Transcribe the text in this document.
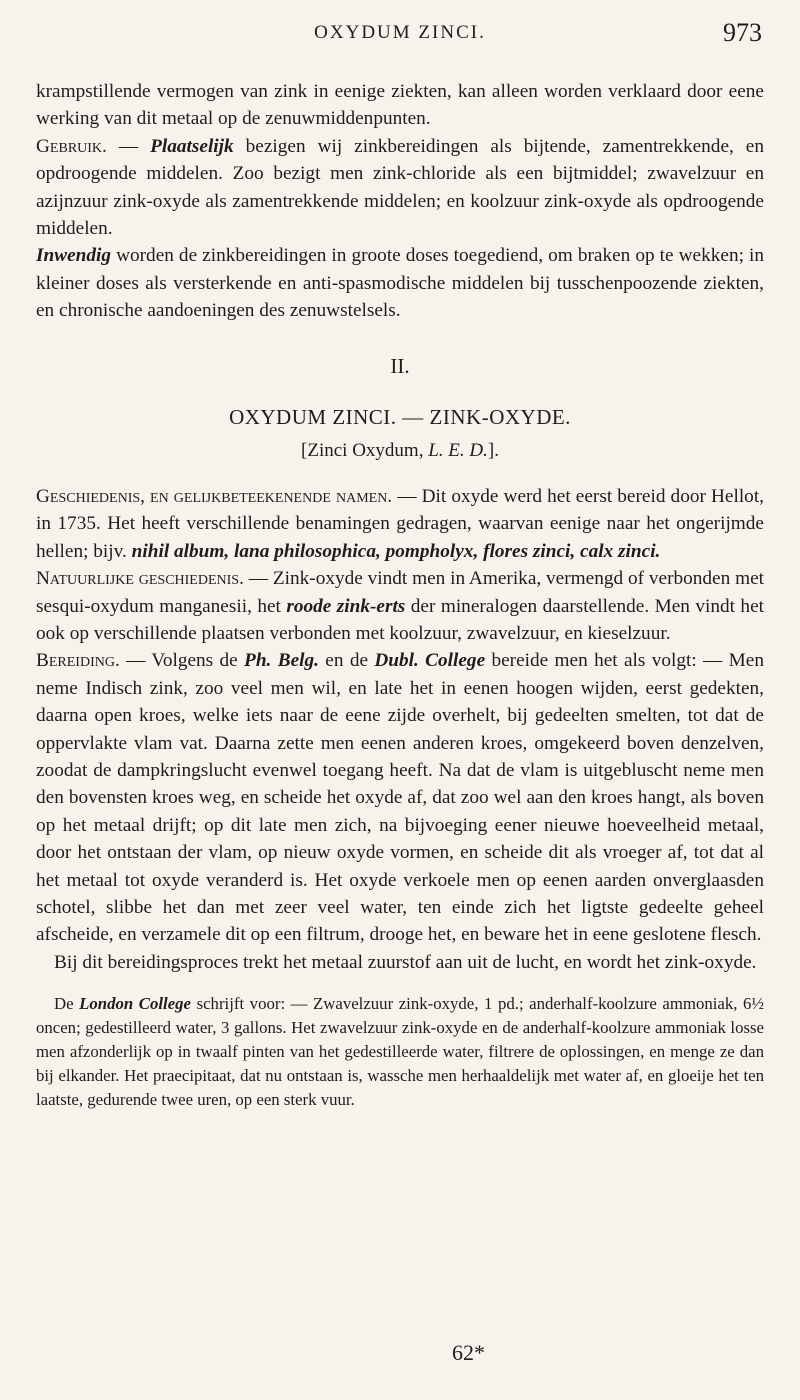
OXYDUM ZINCI.	973

krampstillende vermogen van zink in eenige ziekten, kan alleen worden verklaard door eene werking van dit metaal op de zenuwmiddenpunten.

Gebruik. — Plaatselijk bezigen wij zinkbereidingen als bijtende, zamentrekkende, en opdroogende middelen. Zoo bezigt men zink-chloride als een bijtmiddel; zwavelzuur en azijnzuur zink-oxyde als zamentrekkende middelen; en koolzuur zink-oxyde als opdroogende middelen.

Inwendig worden de zinkbereidingen in groote doses toegediend, om braken op te wekken; in kleiner doses als versterkende en anti-spasmodische middelen bij tusschenpoozende ziekten, en chronische aandoeningen des zenuwstelsels.

II.
OXYDUM ZINCI. — ZINK-OXYDE.
[Zinci Oxydum, L. E. D.].

Geschiedenis, en gelijkbeteekenende namen. — Dit oxyde werd het eerst bereid door Hellot, in 1735. Het heeft verschillende benamingen gedragen, waarvan eenige naar het ongerijmde hellen; bijv. nihil album, lana philosophica, pompholyx, flores zinci, calx zinci.

Natuurlijke geschiedenis. — Zink-oxyde vindt men in Amerika, vermengd of verbonden met sesqui-oxydum manganesii, het roode zink-erts der mineralogen daarstellende. Men vindt het ook op verschillende plaatsen verbonden met koolzuur, zwavelzuur, en kieselzuur.

Bereiding. — Volgens de Ph. Belg. en de Dubl. College bereide men het als volgt: — Men neme Indisch zink, zoo veel men wil, en late het in eenen hoogen wijden, eerst gedekten, daarna open kroes, welke iets naar de eene zijde overhelt, bij gedeelten smelten, tot dat de oppervlakte vlam vat. Daarna zette men eenen anderen kroes, omgekeerd boven denzelven, zoodat de dampkringslucht evenwel toegang heeft. Na dat de vlam is uitgebluscht neme men den bovensten kroes weg, en scheide het oxyde af, dat zoo wel aan den kroes hangt, als boven op het metaal drijft; op dit late men zich, na bijvoeging eener nieuwe hoeveelheid metaal, door het ontstaan der vlam, op nieuw oxyde vormen, en scheide dit als vroeger af, tot dat al het metaal tot oxyde veranderd is. Het oxyde verkoele men op eenen aarden onverglaasden schotel, slibbe het dan met zeer veel water, ten einde zich het ligtste gedeelte geheel afscheide, en verzamele dit op een filtrum, drooge het, en beware het in eene geslotene flesch.

Bij dit bereidingsproces trekt het metaal zuurstof aan uit de lucht, en wordt het zink-oxyde.

De London College schrijft voor: — Zwavelzuur zink-oxyde, 1 pd.; anderhalf-koolzure ammoniak, 6½ oncen; gedestilleerd water, 3 gallons. Het zwavelzuur zink-oxyde en de anderhalf-koolzure ammoniak losse men afzonderlijk op in twaalf pinten van het gedestilleerde water, filtrere de oplossingen, en menge ze dan bij elkander. Het praecipitaat, dat nu ontstaan is, wassche men herhaaldelijk met water af, en gloeije het ten laatste, gedurende twee uren, op een sterk vuur.

62*
